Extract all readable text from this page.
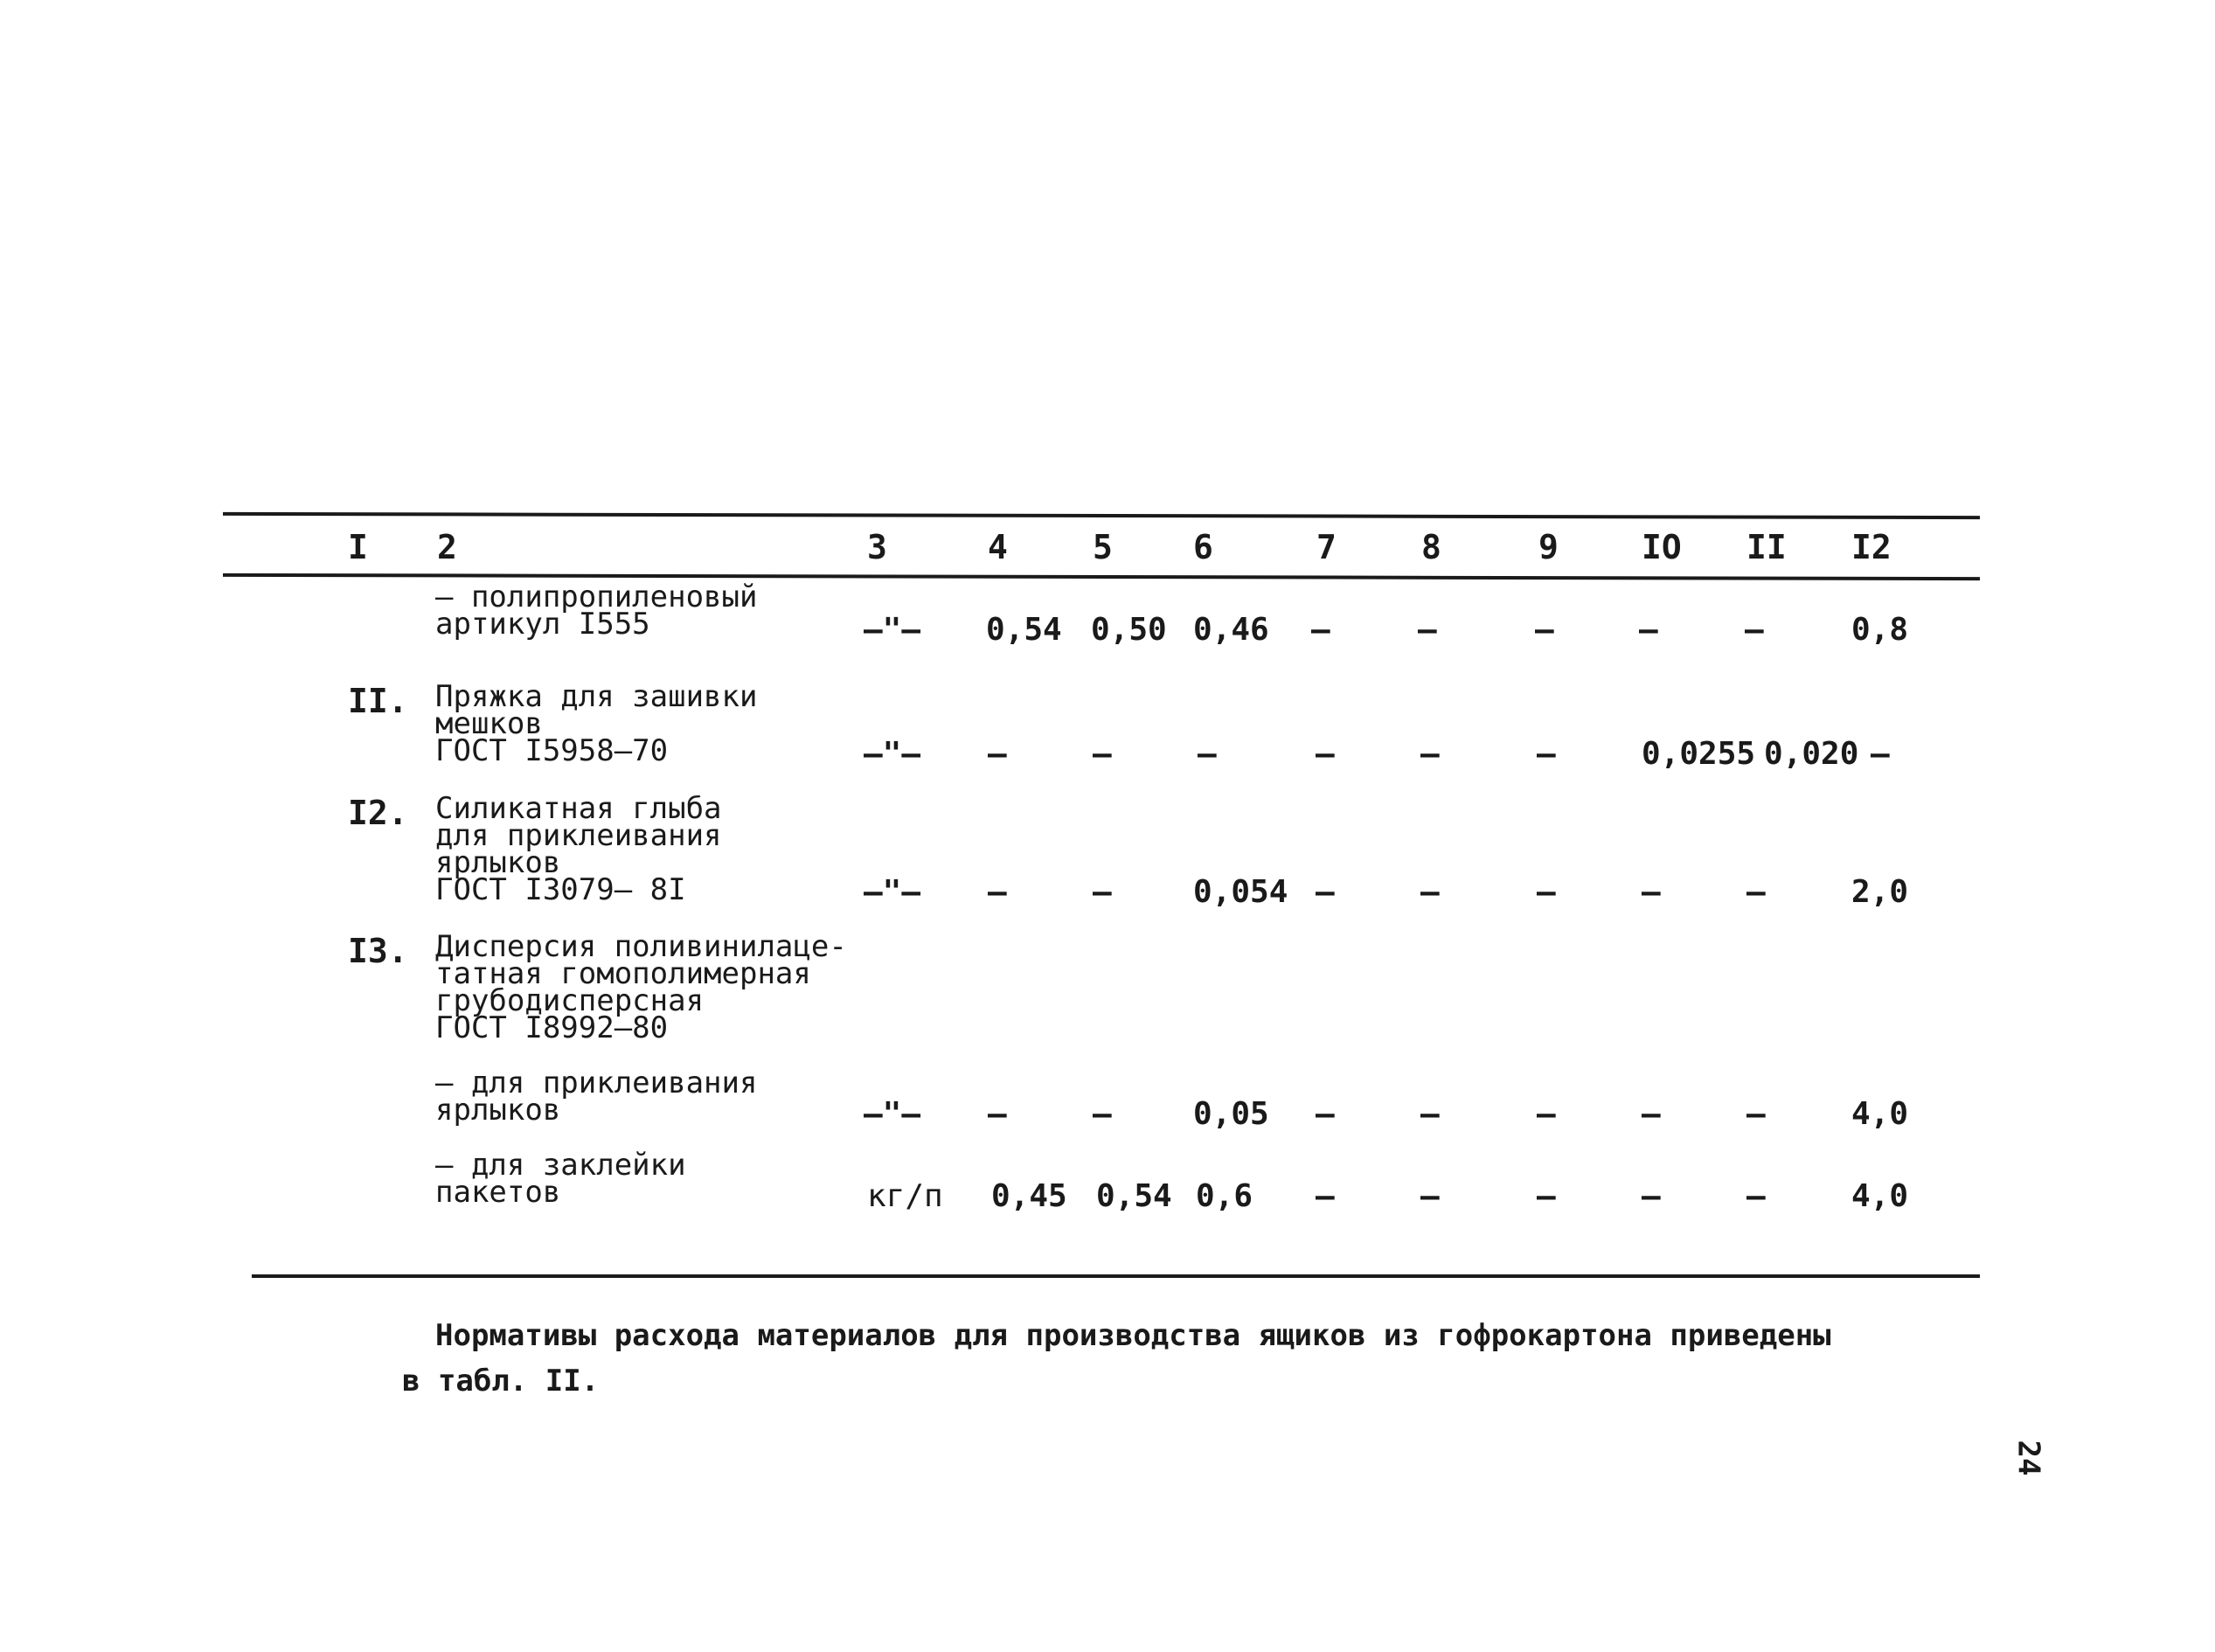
I 2	3	4	5 6	7	8	9	IO II I2
– полипропиленовый
артикул I555	–"– 0,54 0,50 0,46 –	–	–	–	–	0,8
II. Пряжка для зашивки
мешков
ГОСТ I5958–70	–"– –	–	–	–	–	–	0,0255 0,020 –
I2. Силикатная глыба
для приклеивания
ярлыков
ГОСТ I3079– 8I	–"– –	–	0,054 –	–	–	–	–	2,0
I3. Дисперсия поливинилаце-
татная гомополимерная
грубодисперсная
ГОСТ I8992–80
– для приклеивания
ярлыков	–"– –	–	0,05 –	–	–	–	–	4,0
– для заклейки
пакетов	кг/п 0,45 0,54 0,6 –	–	–	–	–	4,0
Нормативы расхода материалов для производства ящиков из гофрокартона приведены
в табл. II.
24
